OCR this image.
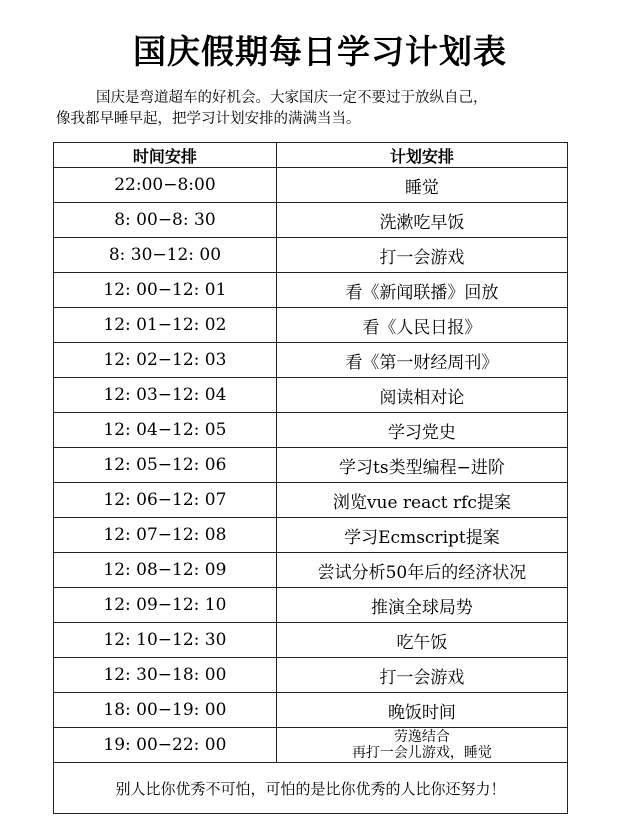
国庆假期每日学习计划表

国庆是弯道超车的好机会。大家国庆一定不要过于放纵自己，

像我都早睡早起，把学习计划安排的满满当当。

时间安排	计划安排
22:00−8:00	睡觉
8: 00−8: 30	洗漱吃早饭
8: 30−12: 00	打一会游戏
12: 00−12: 01	看《新闻联播》回放
12: 01−12: 02	看《人民日报》
12: 02−12: 03	看《第一财经周刊》
12: 03−12: 04	阅读相对论
12: 04−12: 05	学习党史
12: 05−12: 06	学习ts类型编程−进阶
12: 06−12: 07	浏览vue react rfc提案
12: 07−12: 08	学习Ecmscript提案
12: 08−12: 09	尝试分析50年后的经济状况
12: 09−12: 10	推演全球局势
12: 10−12: 30	吃午饭
12: 30−18: 00	打一会游戏
18: 00−19: 00	晚饭时间
19: 00−22: 00	劳逸结合
再打一会儿游戏，睡觉

别人比你优秀不可怕，可怕的是比你优秀的人比你还努力！	
